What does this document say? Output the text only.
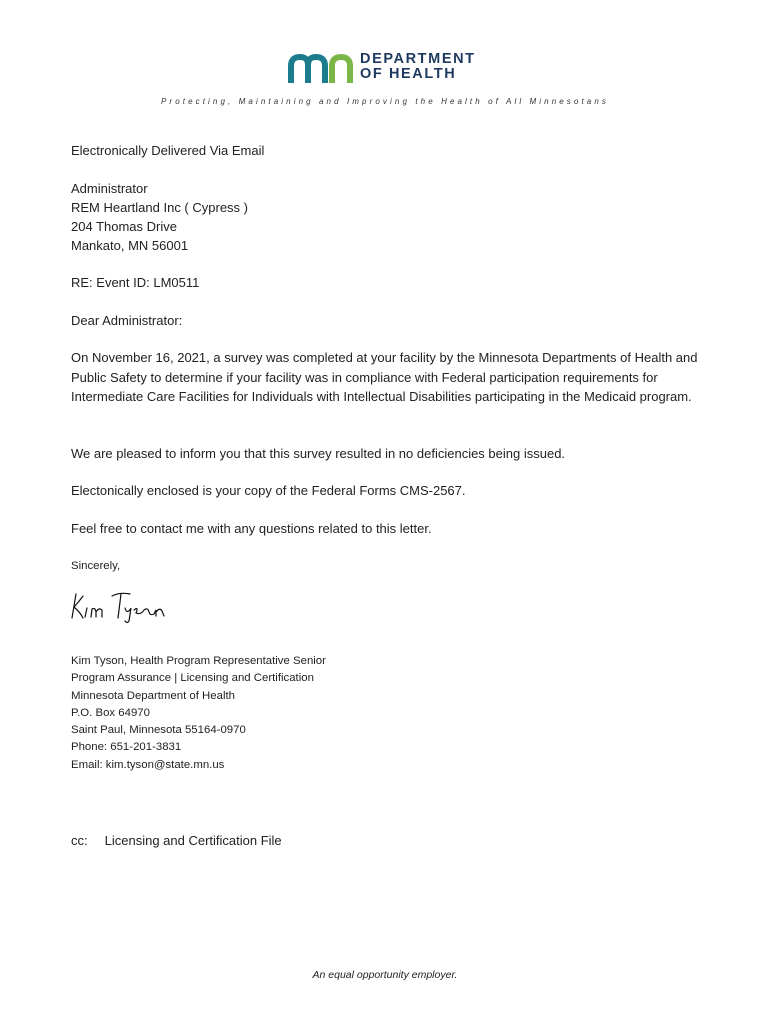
DEPARTMENT
OF HEALTH
Protecting, Maintaining and Improving the Health of All Minnesotans
Electronically Delivered Via Email
Administrator
REM Heartland Inc ( Cypress )
204 Thomas Drive
Mankato, MN 56001
RE: Event ID: LM0511
Dear Administrator:
On November 16, 2021, a survey was completed at your facility by the Minnesota Departments of Health and Public Safety to determine if your facility was in compliance with Federal participation requirements for Intermediate Care Facilities for Individuals with Intellectual Disabilities participating in the Medicaid program.
We are pleased to inform you that this survey resulted in no deficiencies being issued.
Electonically enclosed is your copy of the Federal Forms CMS-2567.
Feel free to contact me with any questions related to this letter.
Sincerely,
Kim Tyson, Health Program Representative Senior
Program Assurance | Licensing and Certification
Minnesota Department of Health
P.O. Box 64970
Saint Paul, Minnesota 55164-0970
Phone: 651-201-3831
Email: kim.tyson@state.mn.us
cc: Licensing and Certification File
An equal opportunity employer.
